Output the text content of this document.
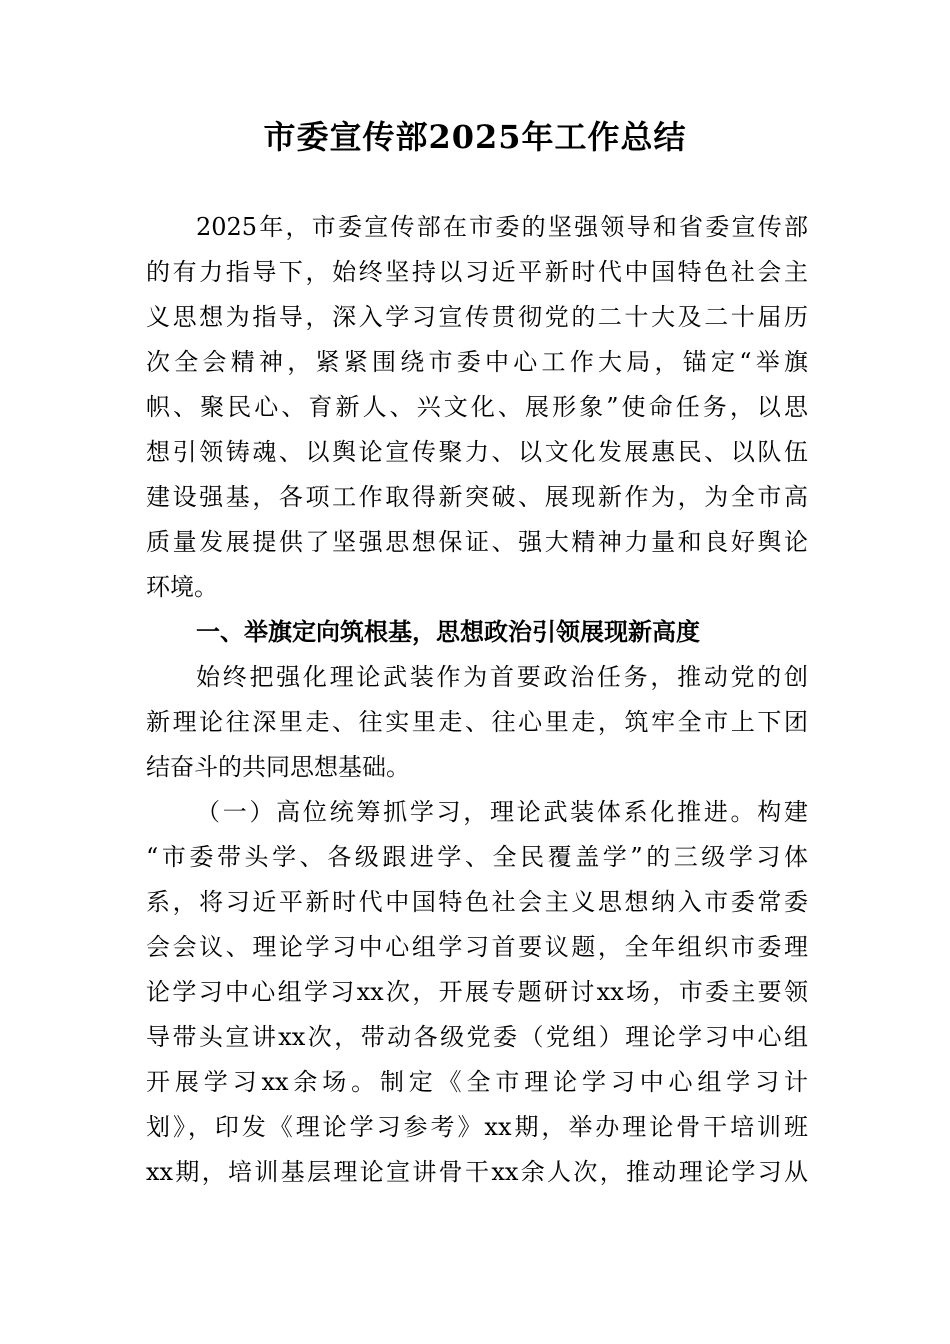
市委宣传部2025年工作总结
2025年，市委宣传部在市委的坚强领导和省委宣传部
的有力指导下，始终坚持以习近平新时代中国特色社会主
义思想为指导，深入学习宣传贯彻党的二十大及二十届历
次全会精神，紧紧围绕市委中心工作大局，锚定“举旗
帜、聚民心、育新人、兴文化、展形象”使命任务，以思
想引领铸魂、以舆论宣传聚力、以文化发展惠民、以队伍
建设强基，各项工作取得新突破、展现新作为，为全市高
质量发展提供了坚强思想保证、强大精神力量和良好舆论
环境。
一、举旗定向筑根基，思想政治引领展现新高度
始终把强化理论武装作为首要政治任务，推动党的创
新理论往深里走、往实里走、往心里走，筑牢全市上下团
结奋斗的共同思想基础。
（一）高位统筹抓学习，理论武装体系化推进。构建
“市委带头学、各级跟进学、全民覆盖学”的三级学习体
系，将习近平新时代中国特色社会主义思想纳入市委常委
会会议、理论学习中心组学习首要议题，全年组织市委理
论学习中心组学习xx次，开展专题研讨xx场，市委主要领
导带头宣讲xx次，带动各级党委（党组）理论学习中心组
开展学习xx余场。制定《全市理论学习中心组学习计
划》，印发《理论学习参考》xx期，举办理论骨干培训班
xx期，培训基层理论宣讲骨干xx余人次，推动理论学习从
